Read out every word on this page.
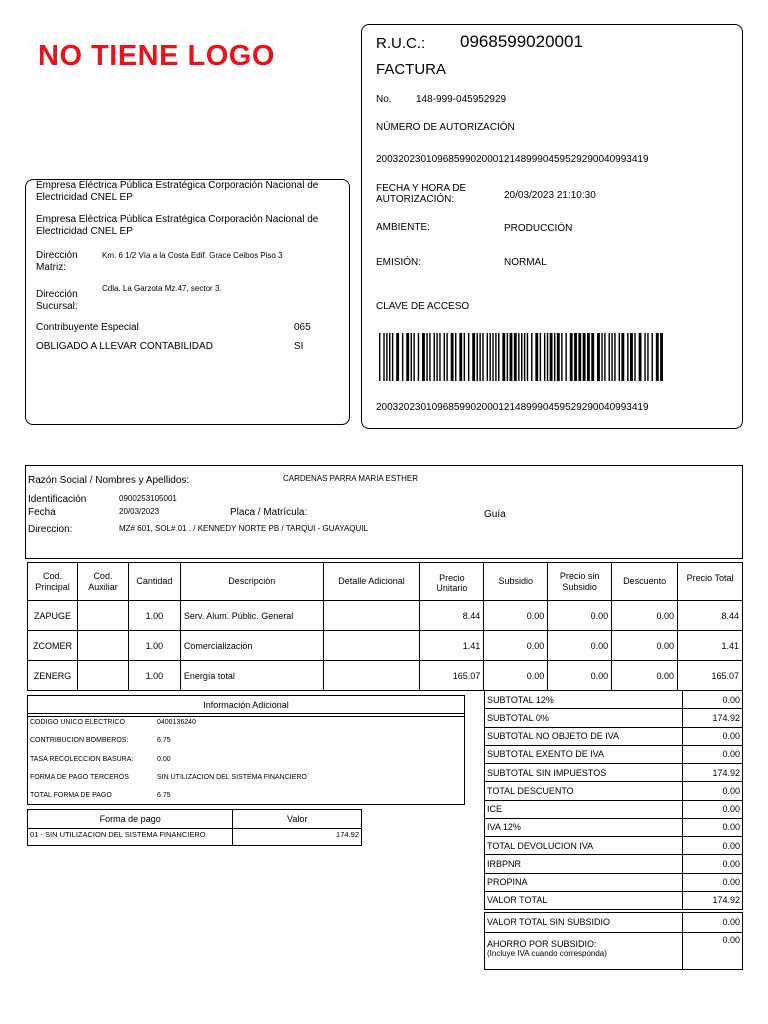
NO TIENE LOGO	R.U.C.: 0968599020001
FACTURA
No. 148-999-045952929
NÚMERO DE AUTORIZACIÓN
2003202301096859902000121489990459529290040993419
FECHA Y HORA DE
AUTORIZACIÓN:	20/03/2023 21:10:30
AMBIENTE:	PRODUCCIÓN
EMISIÓN:	NORMAL
CLAVE DE ACCESO
2003202301096859902000121489990459529290040993419
Empresa Eléctrica Pública Estratégica Corporación Nacional de Electricidad CNEL EP
Empresa Eléctrica Pública Estratégica Corporación Nacional de Electricidad CNEL EP
Dirección
Matriz:
Km. 6 1/2 Vía a la Costa Edif. Grace Ceibos Piso 3
Dirección
Sucursal:
Cdla. La Garzota Mz.47, sector 3.
Contribuyente Especial	065
OBLIGADO A LLEVAR CONTABILIDAD	SI
Razón Social / Nombres y Apellidos:	CARDENAS PARRA MARIA ESTHER
Identificación	0900253105001
Fecha	20/03/2023	Placa / Matrícula:	Guía
Direccion:	MZ# 601, SOL# 01 . / KENNEDY NORTE PB / TARQUI - GUAYAQUIL
Cod. Principal	Cod. Auxiliar	Cantidad	Descripción	Detalle Adicional	Precio Unitario	Subsidio	Precio sin Subsidio	Descuento	Precio Total
ZAPUGE		1.00	Serv. Alum. Públic. General		8.44	0.00	0.00	0.00	8.44
ZCOMER		1.00	Comercialización		1.41	0.00	0.00	0.00	1.41
ZENERG		1.00	Energía total		165.07	0.00	0.00	0.00	165.07
Información Adicional
CODIGO UNICO ELECTRICO	0400136240
CONTRIBUCION BOMBEROS:	6.75
TASA RECOLECCION BASURA:	0.00
FORMA DE PAGO TERCEROS	SIN UTILIZACION DEL SISTEMA FINANCIERO
TOTAL FORMA DE PAGO	6.75
Forma de pago	Valor
01 - SIN UTILIZACION DEL SISTEMA FINANCIERO	174.92
SUBTOTAL 12%	0.00
SUBTOTAL 0%	174.92
SUBTOTAL NO OBJETO DE IVA	0.00
SUBTOTAL EXENTO DE IVA	0.00
SUBTOTAL SIN IMPUESTOS	174.92
TOTAL DESCUENTO	0.00
ICE	0.00
IVA 12%	0.00
TOTAL DEVOLUCION IVA	0.00
IRBPNR	0.00
PROPINA	0.00
VALOR TOTAL	174.92
VALOR TOTAL SIN SUBSIDIO	0.00

AHORRO POR SUBSIDIO:
(Incluye IVA cuando corresponda)	0.00
